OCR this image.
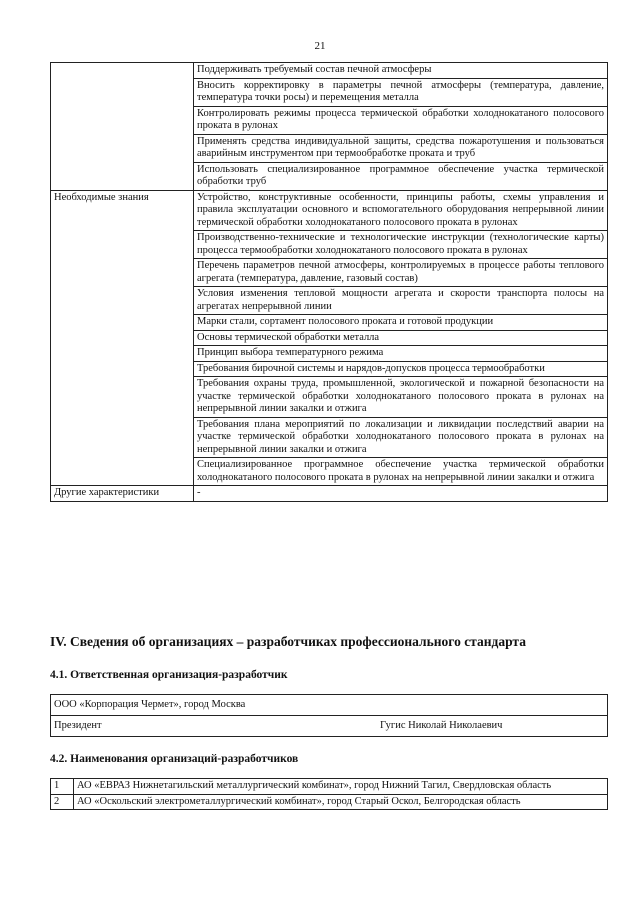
21
	Поддерживать требуемый состав печной атмосферы
	Вносить корректировку в параметры печной атмосферы (температура, давление, температура точки росы) и перемещения металла
	Контролировать режимы процесса термической обработки холоднокатаного полосового проката в рулонах
	Применять средства индивидуальной защиты, средства пожаротушения и пользоваться аварийным инструментом при термообработке проката и труб
	Использовать специализированное программное обеспечение участка термической обработки труб
Необходимые знания	Устройство, конструктивные особенности, принципы работы, схемы управления и правила эксплуатации основного и вспомогательного оборудования непрерывной линии термической обработки холоднокатаного полосового проката в рулонах
	Производственно-технические и технологические инструкции (технологические карты) процесса термообработки холоднокатаного полосового проката в рулонах
	Перечень параметров печной атмосферы, контролируемых в процессе работы теплового агрегата (температура, давление, газовый состав)
	Условия изменения тепловой мощности агрегата и скорости транспорта полосы на агрегатах непрерывной линии
	Марки стали, сортамент полосового проката и готовой продукции
	Основы термической обработки металла
	Принцип выбора температурного режима
	Требования бирочной системы и нарядов-допусков процесса термообработки
	Требования охраны труда, промышленной, экологической и пожарной безопасности на участке термической обработки холоднокатаного полосового проката в рулонах на непрерывной линии закалки и отжига
	Требования плана мероприятий по локализации и ликвидации последствий аварии на участке термической обработки холоднокатаного полосового проката в рулонах на непрерывной линии закалки и отжига
	Специализированное программное обеспечение участка термической обработки холоднокатаного полосового проката в рулонах на непрерывной линии закалки и отжига
Другие характеристики	-
IV. Сведения об организациях – разработчиках профессионального стандарта
4.1. Ответственная организация-разработчик
ООО «Корпорация Чермет», город Москва
Президент	Гугис Николай Николаевич
4.2. Наименования организаций-разработчиков
1	АО «ЕВРАЗ Нижнетагильский металлургический комбинат», город Нижний Тагил, Свердловская область
2	АО «Оскольский электрометаллургический комбинат», город Старый Оскол, Белгородская область
